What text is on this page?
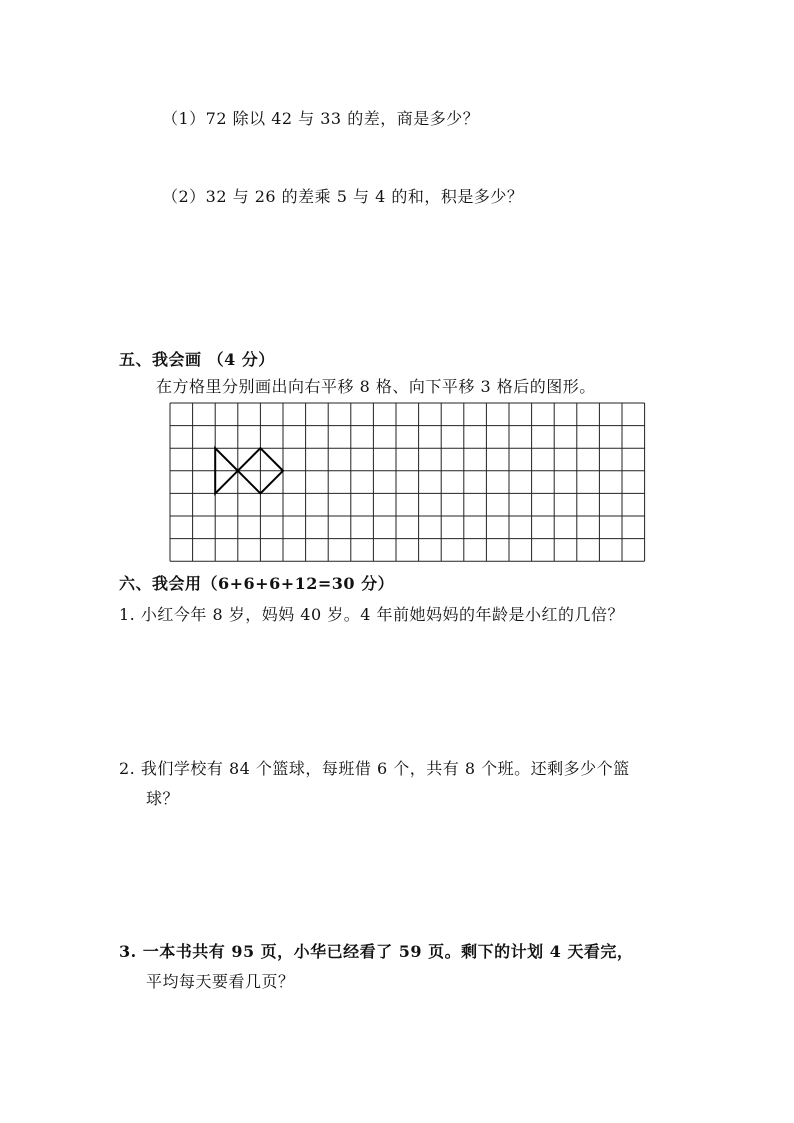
（1）72 除以 42 与 33 的差，商是多少？
（2）32 与 26 的差乘 5 与 4 的和，积是多少？
五、我会画 （4 分）
在方格里分别画出向右平移 8 格、向下平移 3 格后的图形。
六、我会用（6+6+6+12=30 分）
1. 小红今年 8 岁，妈妈 40 岁。4 年前她妈妈的年龄是小红的几倍？
2. 我们学校有 84 个篮球，每班借 6 个，共有 8 个班。还剩多少个篮
球？
3. 一本书共有 95 页，小华已经看了 59 页。剩下的计划 4 天看完，
平均每天要看几页？
